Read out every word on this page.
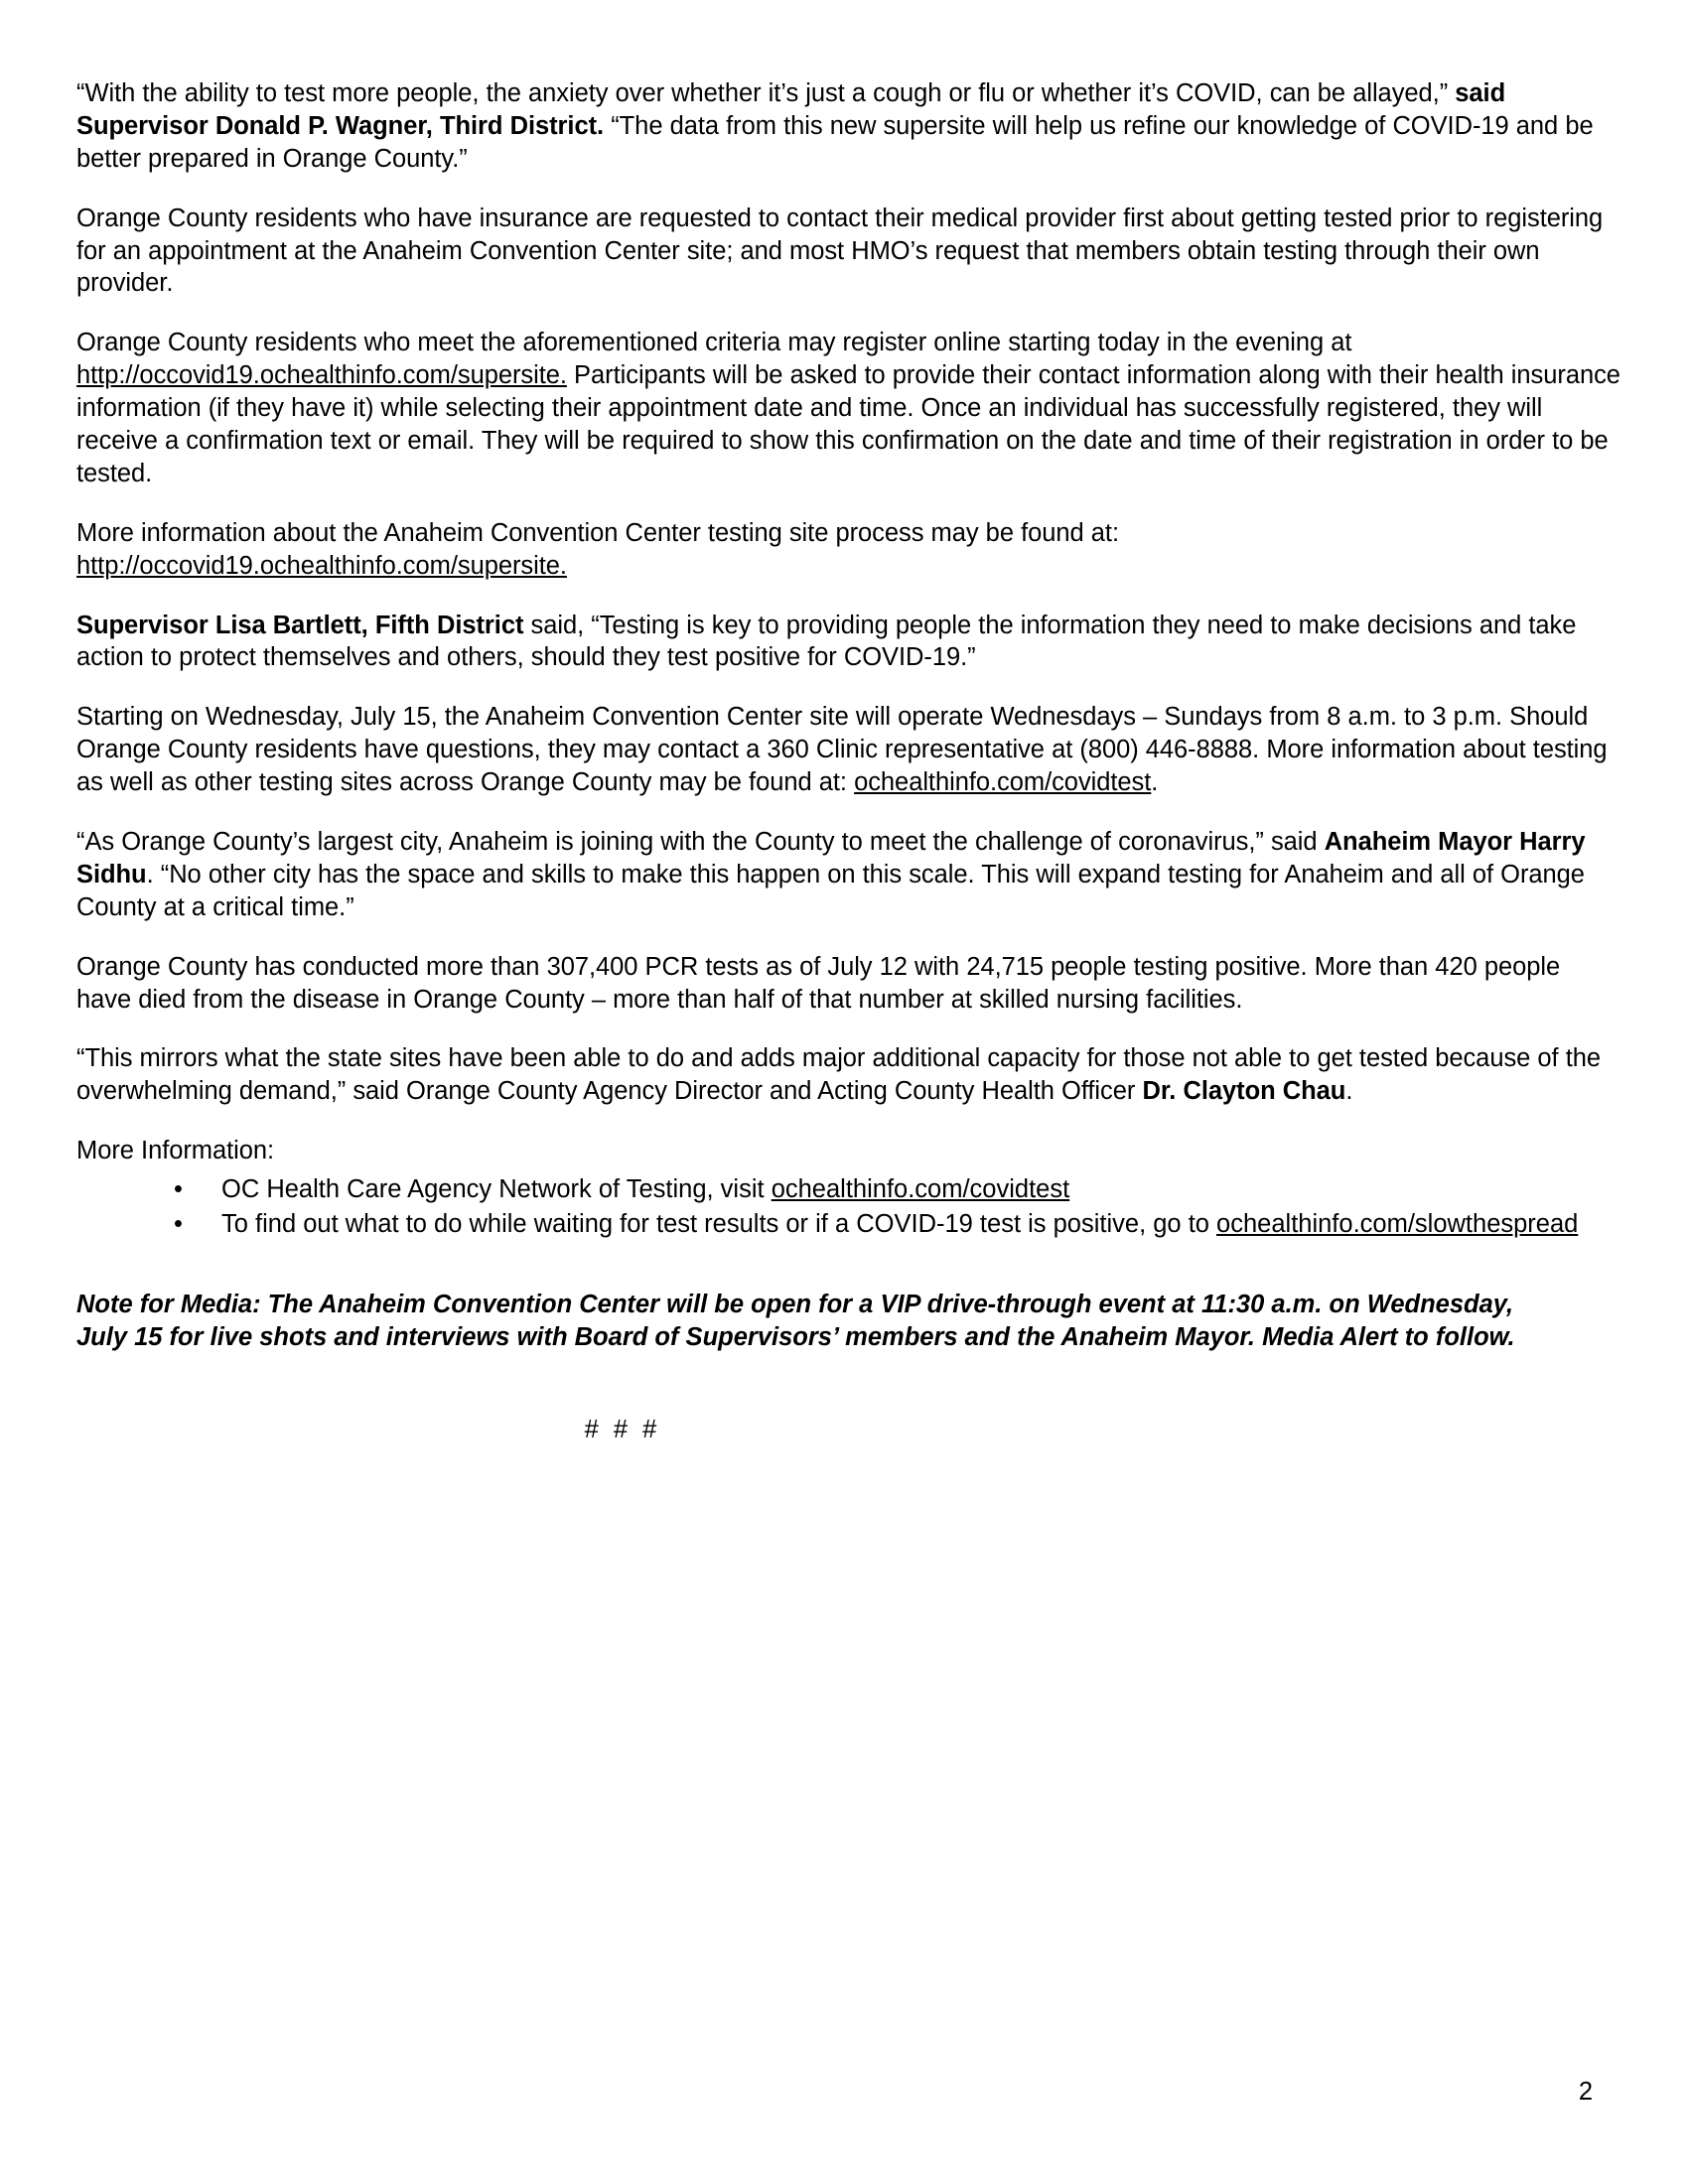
“With the ability to test more people, the anxiety over whether it’s just a cough or flu or whether it’s COVID, can be allayed,” said Supervisor Donald P. Wagner, Third District. “The data from this new supersite will help us refine our knowledge of COVID-19 and be better prepared in Orange County.”

Orange County residents who have insurance are requested to contact their medical provider first about getting tested prior to registering for an appointment at the Anaheim Convention Center site; and most HMO’s request that members obtain testing through their own provider.

Orange County residents who meet the aforementioned criteria may register online starting today in the evening at http://occovid19.ochealthinfo.com/supersite. Participants will be asked to provide their contact information along with their health insurance information (if they have it) while selecting their appointment date and time. Once an individual has successfully registered, they will receive a confirmation text or email. They will be required to show this confirmation on the date and time of their registration in order to be tested.

More information about the Anaheim Convention Center testing site process may be found at:
http://occovid19.ochealthinfo.com/supersite.

Supervisor Lisa Bartlett, Fifth District said, “Testing is key to providing people the information they need to make decisions and take action to protect themselves and others, should they test positive for COVID-19.”

Starting on Wednesday, July 15, the Anaheim Convention Center site will operate Wednesdays – Sundays from 8 a.m. to 3 p.m. Should Orange County residents have questions, they may contact a 360 Clinic representative at (800) 446-8888. More information about testing as well as other testing sites across Orange County may be found at: ochealthinfo.com/covidtest.

“As Orange County’s largest city, Anaheim is joining with the County to meet the challenge of coronavirus,” said Anaheim Mayor Harry Sidhu. “No other city has the space and skills to make this happen on this scale. This will expand testing for Anaheim and all of Orange County at a critical time.”

Orange County has conducted more than 307,400 PCR tests as of July 12 with 24,715 people testing positive. More than 420 people have died from the disease in Orange County – more than half of that number at skilled nursing facilities.

“This mirrors what the state sites have been able to do and adds major additional capacity for those not able to get tested because of the overwhelming demand,” said Orange County Agency Director and Acting County Health Officer Dr. Clayton Chau.

More Information:

• OC Health Care Agency Network of Testing, visit ochealthinfo.com/covidtest
• To find out what to do while waiting for test results or if a COVID-19 test is positive, go to ochealthinfo.com/slowthespread
Note for Media: The Anaheim Convention Center will be open for a VIP drive-through event at 11:30 a.m. on Wednesday, July 15 for live shots and interviews with Board of Supervisors’ members and the Anaheim Mayor. Media Alert to follow.
# # #
2
